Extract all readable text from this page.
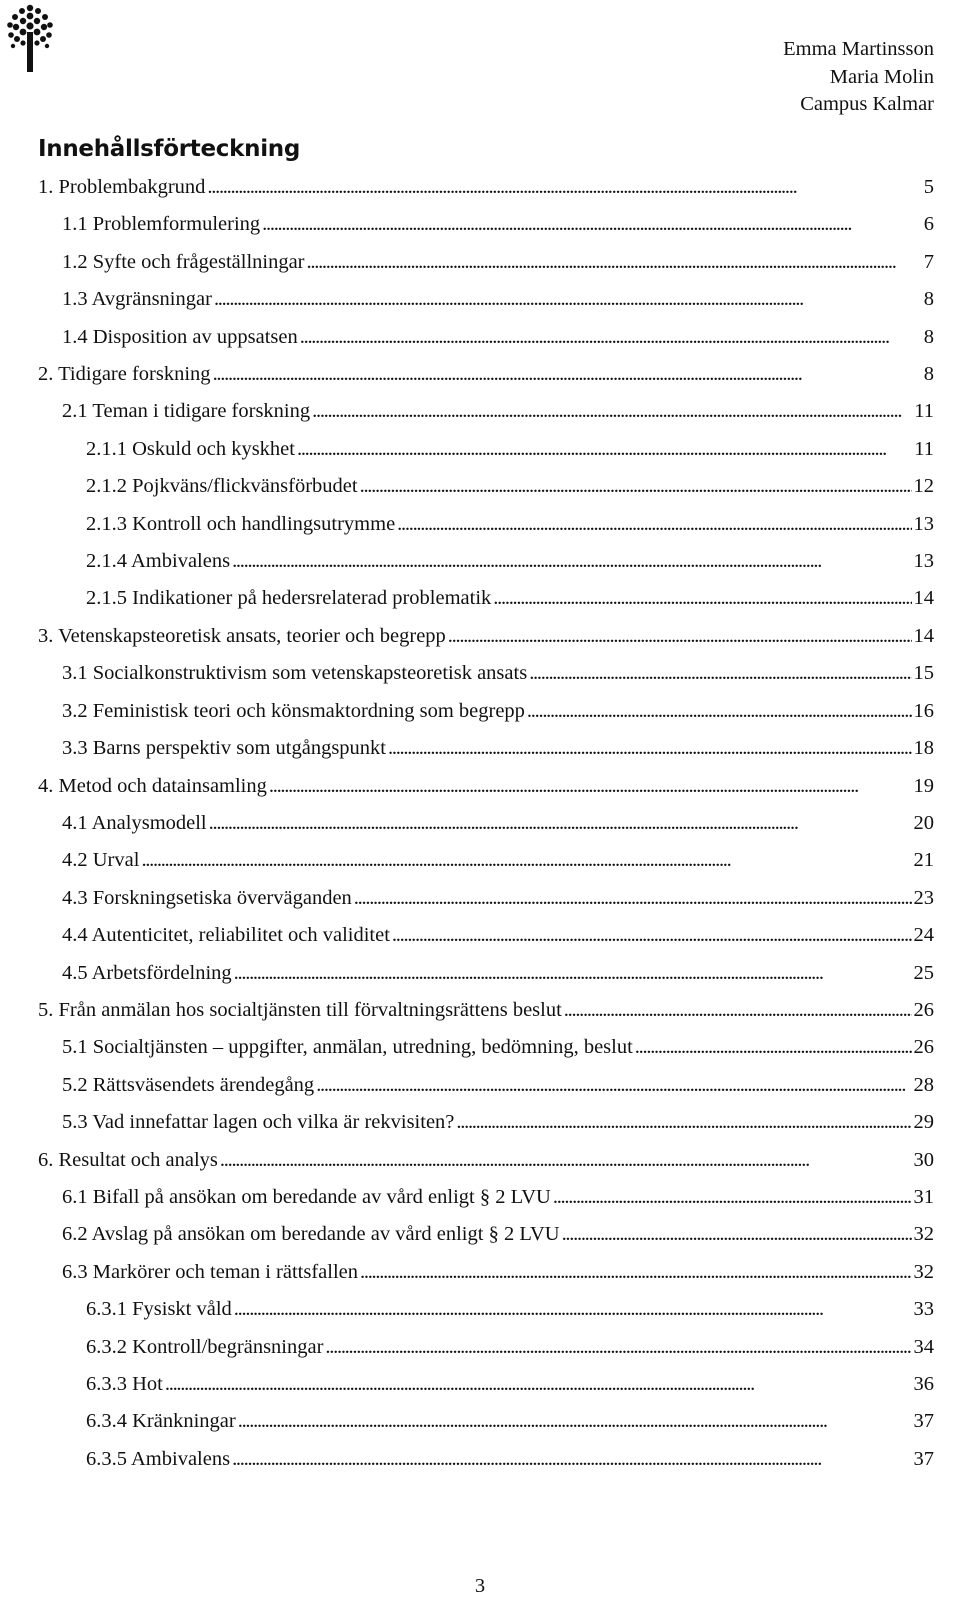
Emma Martinsson
Maria Molin
Campus Kalmar
Innehållsförteckning
1. Problembakgrund . . .	5
1.1 Problemformulering . . .	6
1.2 Syfte och frågeställningar . . .	7
1.3 Avgränsningar . . .	8
1.4 Disposition av uppsatsen . . .	8
2. Tidigare forskning . . .	8
2.1 Teman i tidigare forskning . . .	11
2.1.1 Oskuld och kyskhet . . .	11
2.1.2 Pojkväns/flickvänsförbudet . . .	12
2.1.3 Kontroll och handlingsutrymme . . .	13
2.1.4 Ambivalens . . .	13
2.1.5 Indikationer på hedersrelaterad problematik . . .	14
3. Vetenskapsteoretisk ansats, teorier och begrepp . . .	14
3.1 Socialkonstruktivism som vetenskapsteoretisk ansats . . .	15
3.2 Feministisk teori och könsmaktordning som begrepp . . .	16
3.3 Barns perspektiv som utgångspunkt . . .	18
4. Metod och datainsamling . . .	19
4.1 Analysmodell . . .	20
4.2 Urval . . .	21
4.3 Forskningsetiska överväganden . . .	23
4.4 Autenticitet, reliabilitet och validitet . . .	24
4.5 Arbetsfördelning . . .	25
5. Från anmälan hos socialtjänsten till förvaltningsrättens beslut . . .	26
5.1 Socialtjänsten – uppgifter, anmälan, utredning, bedömning, beslut . . .	26
5.2 Rättsväsendets ärendegång . . .	28
5.3 Vad innefattar lagen och vilka är rekvisiten? . . .	29
6. Resultat och analys . . .	30
6.1 Bifall på ansökan om beredande av vård enligt § 2 LVU . . .	31
6.2 Avslag på ansökan om beredande av vård enligt § 2 LVU . . .	32
6.3 Markörer och teman i rättsfallen . . .	32
6.3.1 Fysiskt våld . . .	33
6.3.2 Kontroll/begränsningar . . .	34
6.3.3 Hot . . .	36
6.3.4 Kränkningar . . .	37
6.3.5 Ambivalens . . .	37
3
